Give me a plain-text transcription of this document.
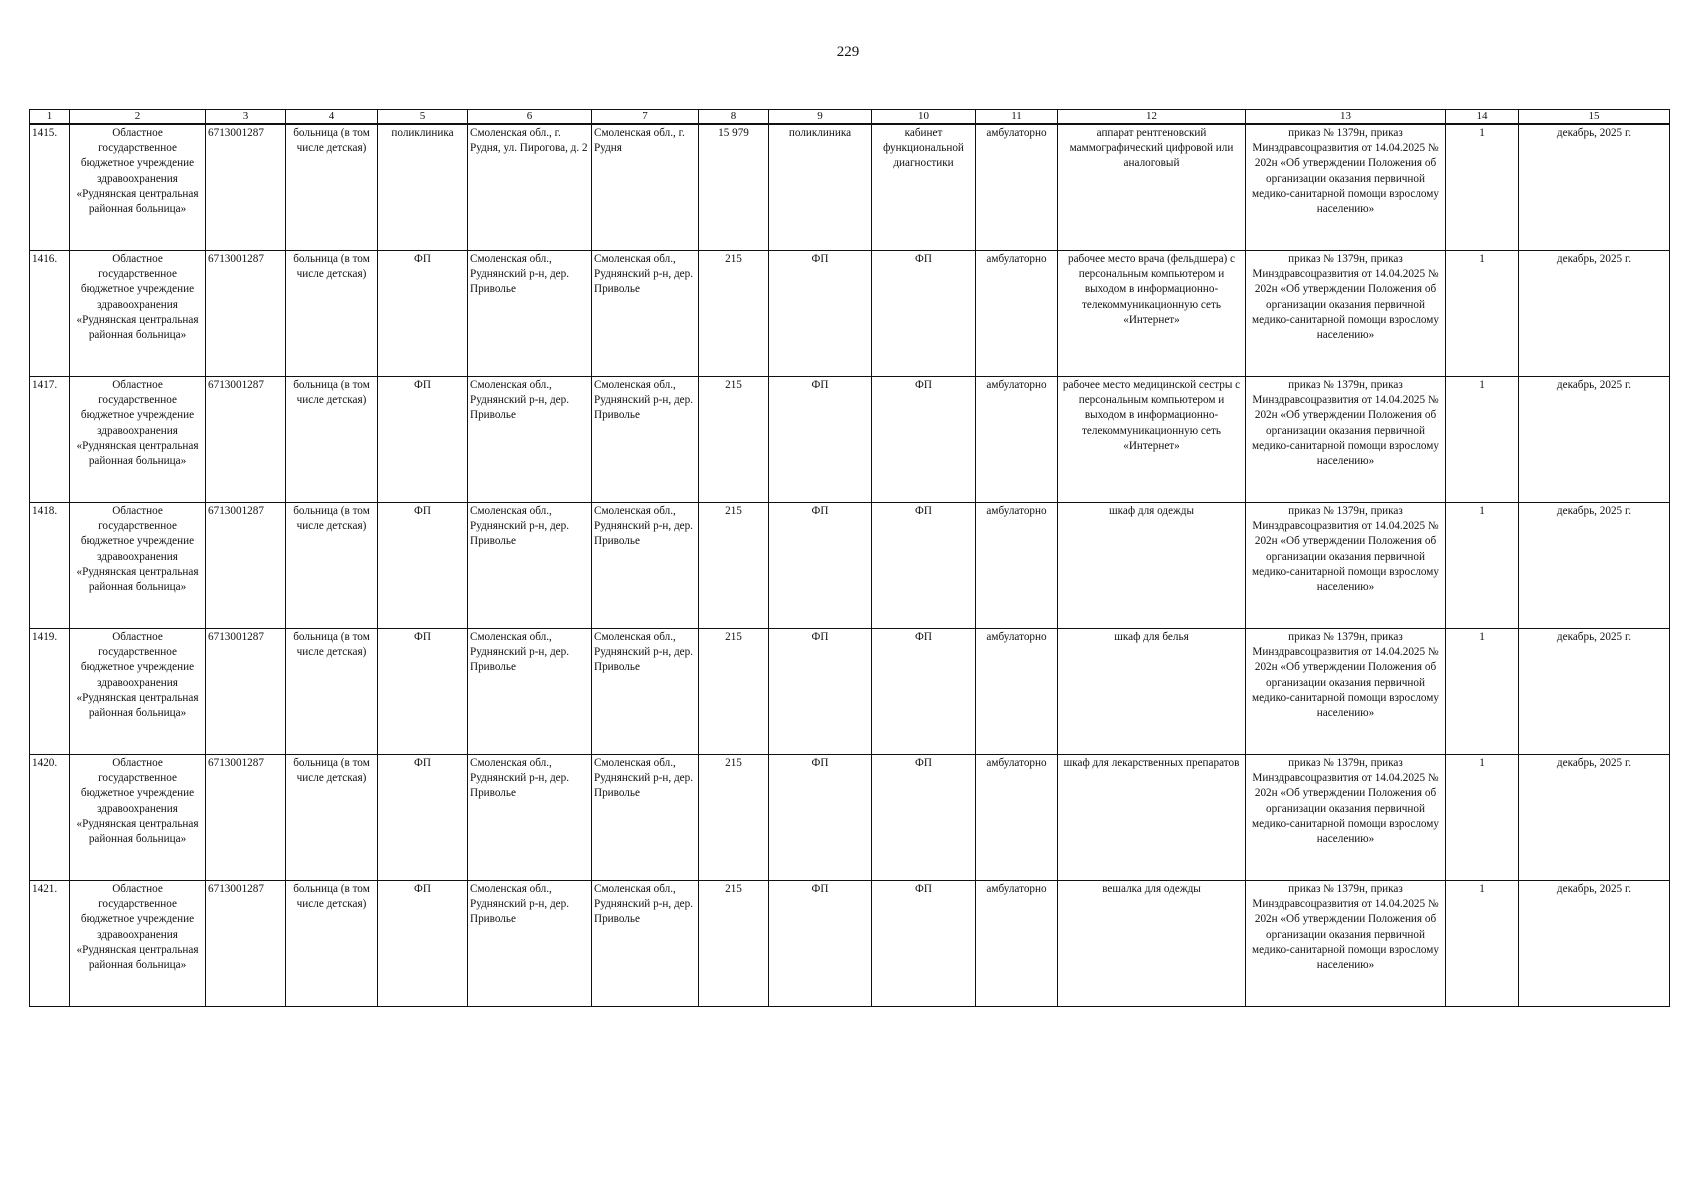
229
1	2	3	4	5	6	7	8	9	10	11	12	13	14	15
1415.	Областное государственное бюджетное учреждение здравоохранения «Руднянская центральная районная больница»	6713001287	больница (в том числе детская)	поликлиника	Смоленская обл., г. Рудня, ул. Пирогова, д. 2	Смоленская обл., г. Рудня	15 979	поликлиника	кабинет функциональной диагностики	амбулаторно	аппарат рентгеновский маммографический цифровой или аналоговый	приказ № 1379н, приказ Минздравсоцразвития от 14.04.2025 № 202н «Об утверждении Положения об организации оказания первичной медико-санитарной помощи взрослому населению»	1	декабрь, 2025 г.
1416.	Областное государственное бюджетное учреждение здравоохранения «Руднянская центральная районная больница»	6713001287	больница (в том числе детская)	ФП	Смоленская обл., Руднянский р-н, дер. Приволье	Смоленская обл., Руднянский р-н, дер. Приволье	215	ФП	ФП	амбулаторно	рабочее место врача (фельдшера) с персональным компьютером и выходом в информационно-телекоммуникационную сеть «Интернет»	приказ № 1379н, приказ Минздравсоцразвития от 14.04.2025 № 202н «Об утверждении Положения об организации оказания первичной медико-санитарной помощи взрослому населению»	1	декабрь, 2025 г.
1417.	Областное государственное бюджетное учреждение здравоохранения «Руднянская центральная районная больница»	6713001287	больница (в том числе детская)	ФП	Смоленская обл., Руднянский р-н, дер. Приволье	Смоленская обл., Руднянский р-н, дер. Приволье	215	ФП	ФП	амбулаторно	рабочее место медицинской сестры с персональным компьютером и выходом в информационно-телекоммуникационную сеть «Интернет»	приказ № 1379н, приказ Минздравсоцразвития от 14.04.2025 № 202н «Об утверждении Положения об организации оказания первичной медико-санитарной помощи взрослому населению»	1	декабрь, 2025 г.
1418.	Областное государственное бюджетное учреждение здравоохранения «Руднянская центральная районная больница»	6713001287	больница (в том числе детская)	ФП	Смоленская обл., Руднянский р-н, дер. Приволье	Смоленская обл., Руднянский р-н, дер. Приволье	215	ФП	ФП	амбулаторно	шкаф для одежды	приказ № 1379н, приказ Минздравсоцразвития от 14.04.2025 № 202н «Об утверждении Положения об организации оказания первичной медико-санитарной помощи взрослому населению»	1	декабрь, 2025 г.
1419.	Областное государственное бюджетное учреждение здравоохранения «Руднянская центральная районная больница»	6713001287	больница (в том числе детская)	ФП	Смоленская обл., Руднянский р-н, дер. Приволье	Смоленская обл., Руднянский р-н, дер. Приволье	215	ФП	ФП	амбулаторно	шкаф для белья	приказ № 1379н, приказ Минздравсоцразвития от 14.04.2025 № 202н «Об утверждении Положения об организации оказания первичной медико-санитарной помощи взрослому населению»	1	декабрь, 2025 г.
1420.	Областное государственное бюджетное учреждение здравоохранения «Руднянская центральная районная больница»	6713001287	больница (в том числе детская)	ФП	Смоленская обл., Руднянский р-н, дер. Приволье	Смоленская обл., Руднянский р-н, дер. Приволье	215	ФП	ФП	амбулаторно	шкаф для лекарственных препаратов	приказ № 1379н, приказ Минздравсоцразвития от 14.04.2025 № 202н «Об утверждении Положения об организации оказания первичной медико-санитарной помощи взрослому населению»	1	декабрь, 2025 г.
1421.	Областное государственное бюджетное учреждение здравоохранения «Руднянская центральная районная больница»	6713001287	больница (в том числе детская)	ФП	Смоленская обл., Руднянский р-н, дер. Приволье	Смоленская обл., Руднянский р-н, дер. Приволье	215	ФП	ФП	амбулаторно	вешалка для одежды	приказ № 1379н, приказ Минздравсоцразвития от 14.04.2025 № 202н «Об утверждении Положения об организации оказания первичной медико-санитарной помощи взрослому населению»	1	декабрь, 2025 г.
